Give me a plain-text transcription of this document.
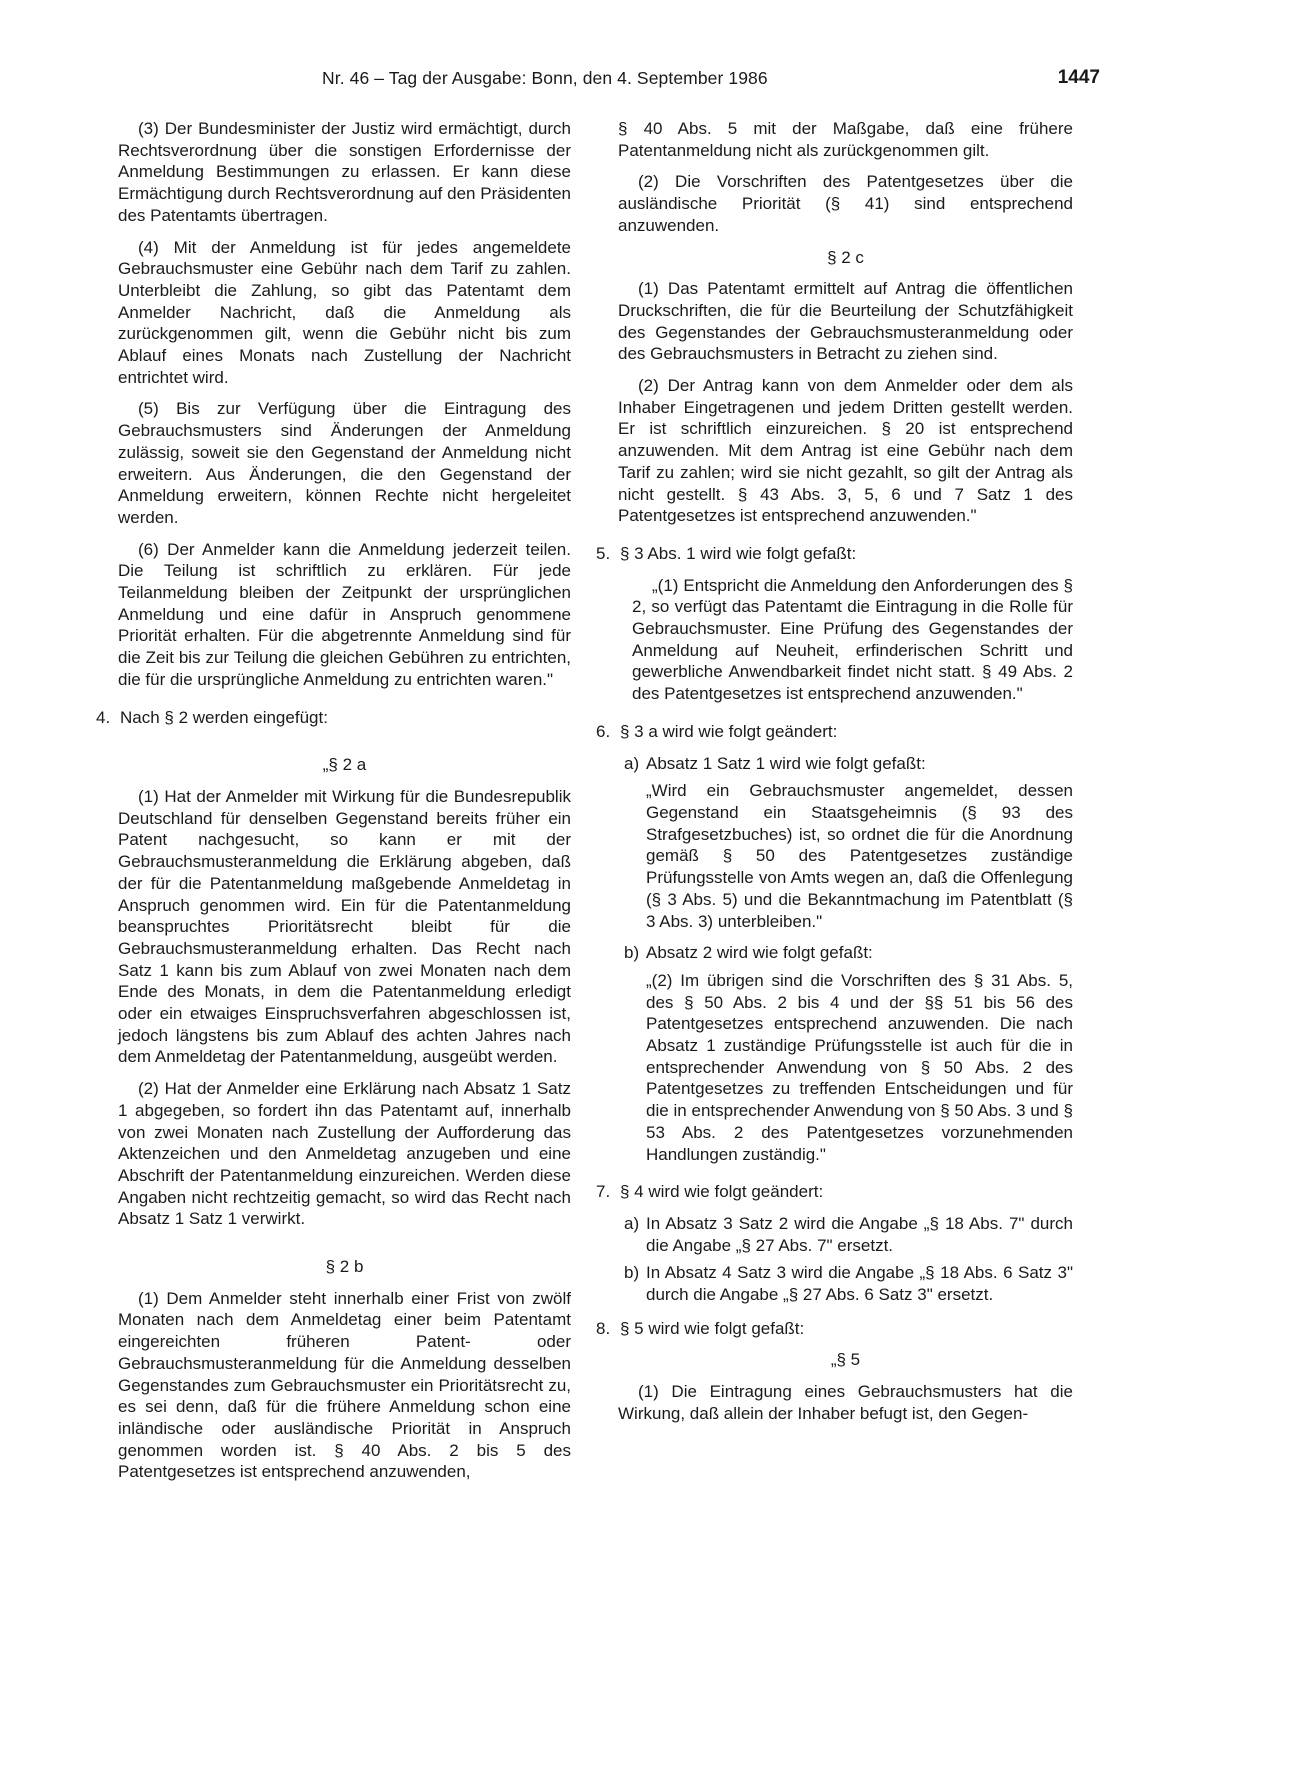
Nr. 46 – Tag der Ausgabe: Bonn, den 4. September 1986	1447

(3) Der Bundesminister der Justiz wird ermächtigt, durch Rechtsverordnung über die sonstigen Erfordernisse der Anmeldung Bestimmungen zu erlassen. Er kann diese Ermächtigung durch Rechtsverordnung auf den Präsidenten des Patentamts übertragen.

(4) Mit der Anmeldung ist für jedes angemeldete Gebrauchsmuster eine Gebühr nach dem Tarif zu zahlen. Unterbleibt die Zahlung, so gibt das Patentamt dem Anmelder Nachricht, daß die Anmeldung als zurückgenommen gilt, wenn die Gebühr nicht bis zum Ablauf eines Monats nach Zustellung der Nachricht entrichtet wird.

(5) Bis zur Verfügung über die Eintragung des Gebrauchsmusters sind Änderungen der Anmeldung zulässig, soweit sie den Gegenstand der Anmeldung nicht erweitern. Aus Änderungen, die den Gegenstand der Anmeldung erweitern, können Rechte nicht hergeleitet werden.

(6) Der Anmelder kann die Anmeldung jederzeit teilen. Die Teilung ist schriftlich zu erklären. Für jede Teilanmeldung bleiben der Zeitpunkt der ursprünglichen Anmeldung und eine dafür in Anspruch genommene Priorität erhalten. Für die abgetrennte Anmeldung sind für die Zeit bis zur Teilung die gleichen Gebühren zu entrichten, die für die ursprüngliche Anmeldung zu entrichten waren."

4. Nach § 2 werden eingefügt:

„§ 2 a

(1) Hat der Anmelder mit Wirkung für die Bundesrepublik Deutschland für denselben Gegenstand bereits früher ein Patent nachgesucht, so kann er mit der Gebrauchsmusteranmeldung die Erklärung abgeben, daß der für die Patentanmeldung maßgebende Anmeldetag in Anspruch genommen wird. Ein für die Patentanmeldung beanspruchtes Prioritätsrecht bleibt für die Gebrauchsmusteranmeldung erhalten. Das Recht nach Satz 1 kann bis zum Ablauf von zwei Monaten nach dem Ende des Monats, in dem die Patentanmeldung erledigt oder ein etwaiges Einspruchsverfahren abgeschlossen ist, jedoch längstens bis zum Ablauf des achten Jahres nach dem Anmeldetag der Patentanmeldung, ausgeübt werden.

(2) Hat der Anmelder eine Erklärung nach Absatz 1 Satz 1 abgegeben, so fordert ihn das Patentamt auf, innerhalb von zwei Monaten nach Zustellung der Aufforderung das Aktenzeichen und den Anmeldetag anzugeben und eine Abschrift der Patentanmeldung einzureichen. Werden diese Angaben nicht rechtzeitig gemacht, so wird das Recht nach Absatz 1 Satz 1 verwirkt.

§ 2 b

(1) Dem Anmelder steht innerhalb einer Frist von zwölf Monaten nach dem Anmeldetag einer beim Patentamt eingereichten früheren Patent- oder Gebrauchsmusteranmeldung für die Anmeldung desselben Gegenstandes zum Gebrauchsmuster ein Prioritätsrecht zu, es sei denn, daß für die frühere Anmeldung schon eine inländische oder ausländische Priorität in Anspruch genommen worden ist. § 40 Abs. 2 bis 5 des Patentgesetzes ist entsprechend anzuwenden,

§ 40 Abs. 5 mit der Maßgabe, daß eine frühere Patentanmeldung nicht als zurückgenommen gilt.

(2) Die Vorschriften des Patentgesetzes über die ausländische Priorität (§ 41) sind entsprechend anzuwenden.

§ 2 c

(1) Das Patentamt ermittelt auf Antrag die öffentlichen Druckschriften, die für die Beurteilung der Schutzfähigkeit des Gegenstandes der Gebrauchsmusteranmeldung oder des Gebrauchsmusters in Betracht zu ziehen sind.

(2) Der Antrag kann von dem Anmelder oder dem als Inhaber Eingetragenen und jedem Dritten gestellt werden. Er ist schriftlich einzureichen. § 20 ist entsprechend anzuwenden. Mit dem Antrag ist eine Gebühr nach dem Tarif zu zahlen; wird sie nicht gezahlt, so gilt der Antrag als nicht gestellt. § 43 Abs. 3, 5, 6 und 7 Satz 1 des Patentgesetzes ist entsprechend anzuwenden."

5. § 3 Abs. 1 wird wie folgt gefaßt:

„(1) Entspricht die Anmeldung den Anforderungen des § 2, so verfügt das Patentamt die Eintragung in die Rolle für Gebrauchsmuster. Eine Prüfung des Gegenstandes der Anmeldung auf Neuheit, erfinderischen Schritt und gewerbliche Anwendbarkeit findet nicht statt. § 49 Abs. 2 des Patentgesetzes ist entsprechend anzuwenden."

6. § 3 a wird wie folgt geändert:
a) Absatz 1 Satz 1 wird wie folgt gefaßt:

„Wird ein Gebrauchsmuster angemeldet, dessen Gegenstand ein Staatsgeheimnis (§ 93 des Strafgesetzbuches) ist, so ordnet die für die Anordnung gemäß § 50 des Patentgesetzes zuständige Prüfungsstelle von Amts wegen an, daß die Offenlegung (§ 3 Abs. 5) und die Bekanntmachung im Patentblatt (§ 3 Abs. 3) unterbleiben."

b) Absatz 2 wird wie folgt gefaßt:

„(2) Im übrigen sind die Vorschriften des § 31 Abs. 5, des § 50 Abs. 2 bis 4 und der §§ 51 bis 56 des Patentgesetzes entsprechend anzuwenden. Die nach Absatz 1 zuständige Prüfungsstelle ist auch für die in entsprechender Anwendung von § 50 Abs. 2 des Patentgesetzes zu treffenden Entscheidungen und für die in entsprechender Anwendung von § 50 Abs. 3 und § 53 Abs. 2 des Patentgesetzes vorzunehmenden Handlungen zuständig."

7. § 4 wird wie folgt geändert:
a) In Absatz 3 Satz 2 wird die Angabe „§ 18 Abs. 7" durch die Angabe „§ 27 Abs. 7" ersetzt.
b) In Absatz 4 Satz 3 wird die Angabe „§ 18 Abs. 6 Satz 3" durch die Angabe „§ 27 Abs. 6 Satz 3" ersetzt.
8. § 5 wird wie folgt gefaßt:

„§ 5

(1) Die Eintragung eines Gebrauchsmusters hat die Wirkung, daß allein der Inhaber befugt ist, den Gegen-
